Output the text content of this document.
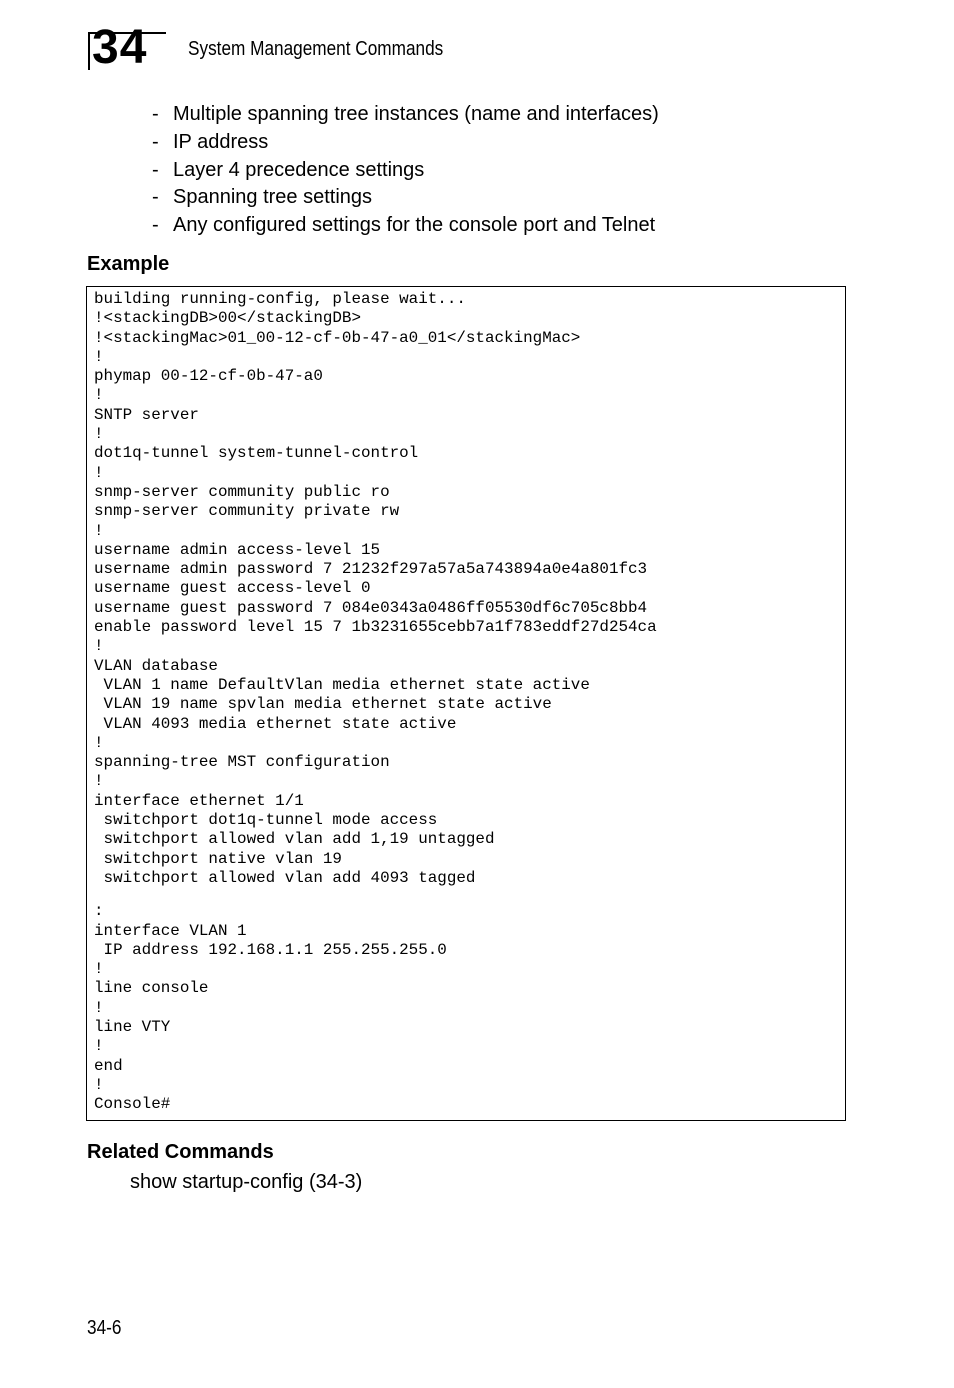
34 System Management Commands
- Multiple spanning tree instances (name and interfaces)
- IP address
- Layer 4 precedence settings
- Spanning tree settings
- Any configured settings for the console port and Telnet
Example
building running-config, please wait...
!<stackingDB>00</stackingDB>
!<stackingMac>01_00-12-cf-0b-47-a0_01</stackingMac>
!
phymap 00-12-cf-0b-47-a0
!
SNTP server
!
dot1q-tunnel system-tunnel-control
!
snmp-server community public ro
snmp-server community private rw
!
username admin access-level 15
username admin password 7 21232f297a57a5a743894a0e4a801fc3
username guest access-level 0
username guest password 7 084e0343a0486ff05530df6c705c8bb4
enable password level 15 7 1b3231655cebb7a1f783eddf27d254ca
!
VLAN database
VLAN 1 name DefaultVlan media ethernet state active
VLAN 19 name spvlan media ethernet state active
VLAN 4093 media ethernet state active
!
spanning-tree MST configuration
!
interface ethernet 1/1
switchport dot1q-tunnel mode access
switchport allowed vlan add 1,19 untagged
switchport native vlan 19
switchport allowed vlan add 4093 tagged
:
interface VLAN 1
IP address 192.168.1.1 255.255.255.0
!
line console
!
line VTY
!
end
!
Console#
Related Commands
show startup-config (34-3)
34-6
